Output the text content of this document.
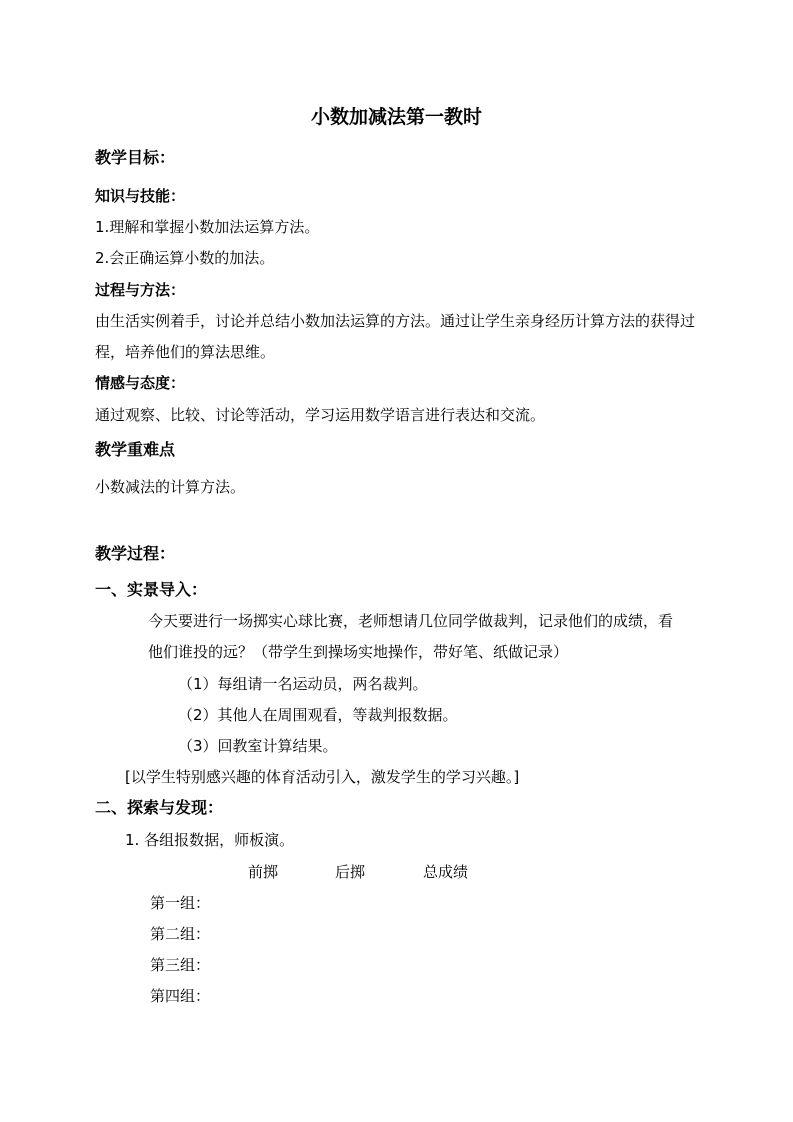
小数加减法第一教时
教学目标：
知识与技能：
1.理解和掌握小数加法运算方法。
2.会正确运算小数的加法。
过程与方法：
由生活实例着手，讨论并总结小数加法运算的方法。通过让学生亲身经历计算方法的获得过程，培养他们的算法思维。
情感与态度：
通过观察、比较、讨论等活动，学习运用数学语言进行表达和交流。
教学重难点
小数减法的计算方法。
教学过程：
一、实景导入：
今天要进行一场掷实心球比赛，老师想请几位同学做裁判，记录他们的成绩，看
他们谁投的远？（带学生到操场实地操作，带好笔、纸做记录）
（1）每组请一名运动员，两名裁判。
（2）其他人在周围观看，等裁判报数据。
（3）回教室计算结果。
[以学生特别感兴趣的体育活动引入，激发学生的学习兴趣。]
二、探索与发现：
1. 各组报数据，师板演。
前掷	后掷	总成绩
第一组：
第二组：
第三组：
第四组：
